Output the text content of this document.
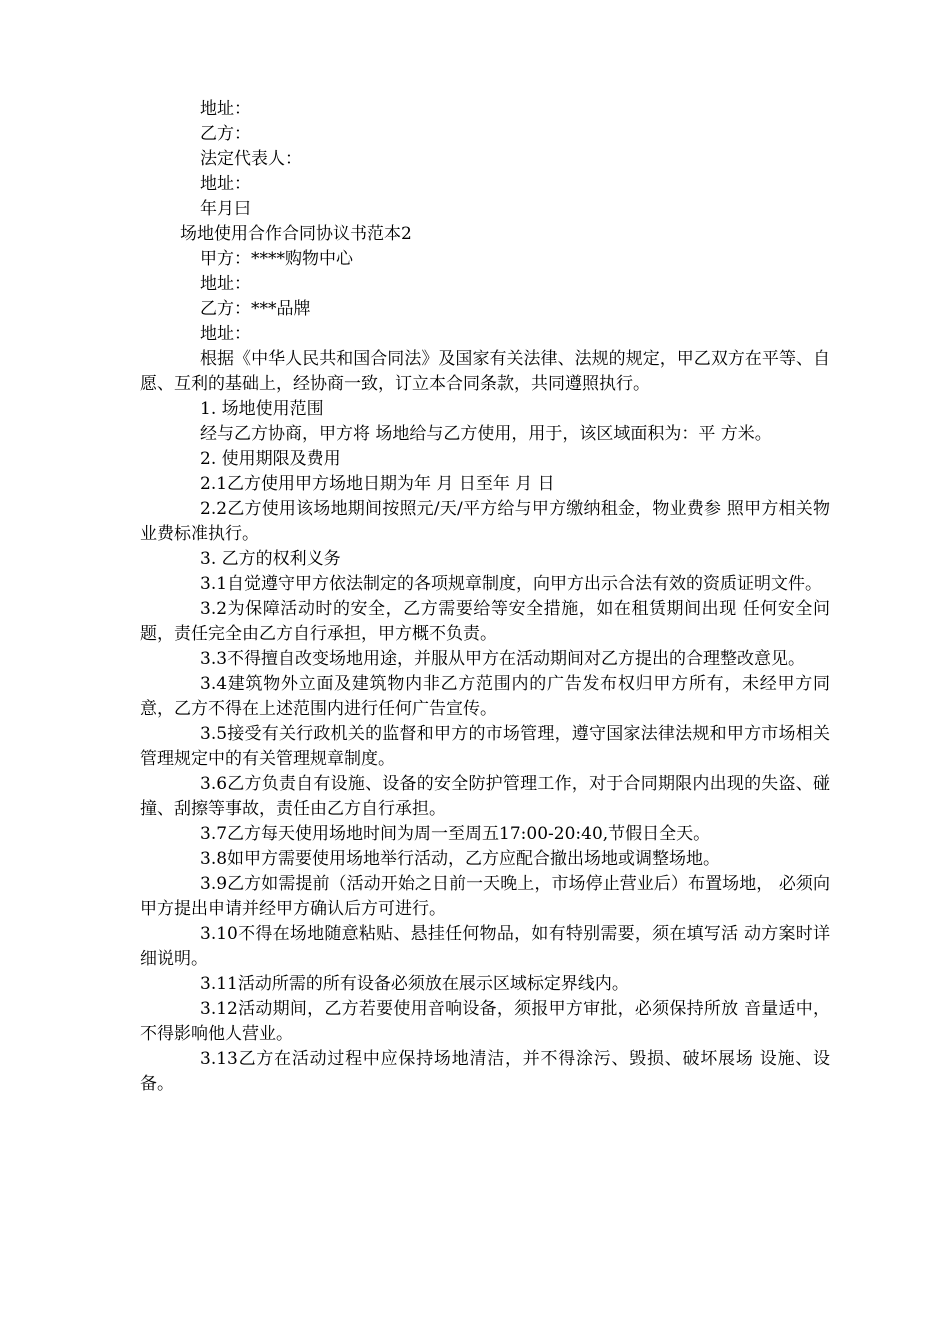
地址：

乙方：

法定代表人：

地址：

年月曰

场地使用合作合同协议书范本2

甲方：****购物中心

地址：

乙方：***品牌

地址：

根据《中华人民共和国合同法》及国家有关法律、法规的规定，甲乙双方在平等、自愿、互利的基础上，经协商一致，订立本合同条款，共同遵照执行。

1. 场地使用范围

经与乙方协商，甲方将 场地给与乙方使用，用于，该区域面积为：平 方米。

2. 使用期限及费用

2.1乙方使用甲方场地日期为年 月 日至年 月 日

2.2乙方使用该场地期间按照元/天/平方给与甲方缴纳租金，物业费参 照甲方相关物业费标准执行。

3. 乙方的权利义务

3.1自觉遵守甲方依法制定的各项规章制度，向甲方出示合法有效的资质证明文件。

3.2为保障活动时的安全，乙方需要给等安全措施，如在租赁期间出现 任何安全问题，责任完全由乙方自行承担，甲方概不负责。

3.3不得擅自改变场地用途，并服从甲方在活动期间对乙方提出的合理整改意见。

3.4建筑物外立面及建筑物内非乙方范围内的广告发布权归甲方所有，未经甲方同意，乙方不得在上述范围内进行任何广告宣传。

3.5接受有关行政机关的监督和甲方的市场管理，遵守国家法律法规和甲方市场相关管理规定中的有关管理规章制度。

3.6乙方负责自有设施、设备的安全防护管理工作，对于合同期限内出现的失盗、碰撞、刮擦等事故，责任由乙方自行承担。

3.7乙方每天使用场地时间为周一至周五17:00-20:40,节假日全天。

3.8如甲方需要使用场地举行活动，乙方应配合撤出场地或调整场地。

3.9乙方如需提前（活动开始之日前一天晚上，市场停止营业后）布置场地， 必须向甲方提出申请并经甲方确认后方可进行。

3.10不得在场地随意粘贴、悬挂任何物品，如有特别需要，须在填写活 动方案时详细说明。

3.11活动所需的所有设备必须放在展示区域标定界线内。

3.12活动期间，乙方若要使用音响设备，须报甲方审批，必须保持所放 音量适中，不得影响他人营业。

3.13乙方在活动过程中应保持场地清洁，并不得涂污、毁损、破坏展场 设施、设备。
